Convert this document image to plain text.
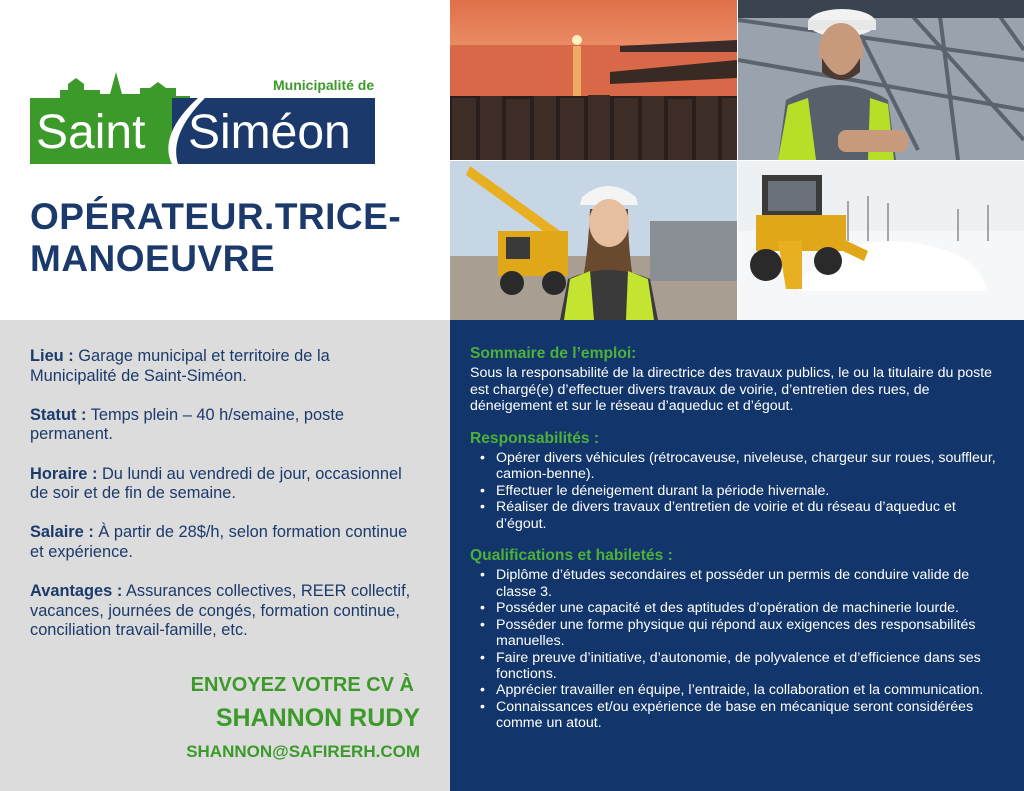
Municipalité de
Saint Siméon
OPÉRATEUR.TRICE-
MANOEUVRE

Lieu : Garage municipal et territoire de la Municipalité de Saint-Siméon.

Statut : Temps plein – 40 h/semaine, poste permanent.

Horaire : Du lundi au vendredi de jour, occasionnel de soir et de fin de semaine.

Salaire : À partir de 28$/h, selon formation continue et expérience.

Avantages : Assurances collectives, REER collectif, vacances, journées de congés, formation continue, conciliation travail-famille, etc.

ENVOYEZ VOTRE CV À
SHANNON RUDY
SHANNON@SAFIRERH.COM
Sommaire de l’emploi:

Sous la responsabilité de la directrice des travaux publics, le ou la titulaire du poste est chargé(e) d’effectuer divers travaux de voirie, d’entretien des rues, de déneigement et sur le réseau d’aqueduc et d’égout.

Responsabilités :
• Opérer divers véhicules (rétrocaveuse, niveleuse, chargeur sur roues, souffleur, camion-benne).
• Effectuer le déneigement durant la période hivernale.
• Réaliser de divers travaux d’entretien de voirie et du réseau d’aqueduc et d’égout.
Qualifications et habiletés :
• Diplôme d’études secondaires et posséder un permis de conduire valide de classe 3.
• Posséder une capacité et des aptitudes d’opération de machinerie lourde.
• Posséder une forme physique qui répond aux exigences des responsabilités manuelles.
• Faire preuve d’initiative, d’autonomie, de polyvalence et d’efficience dans ses fonctions.
• Apprécier travailler en équipe, l’entraide, la collaboration et la communication.
• Connaissances et/ou expérience de base en mécanique seront considérées comme un atout.
